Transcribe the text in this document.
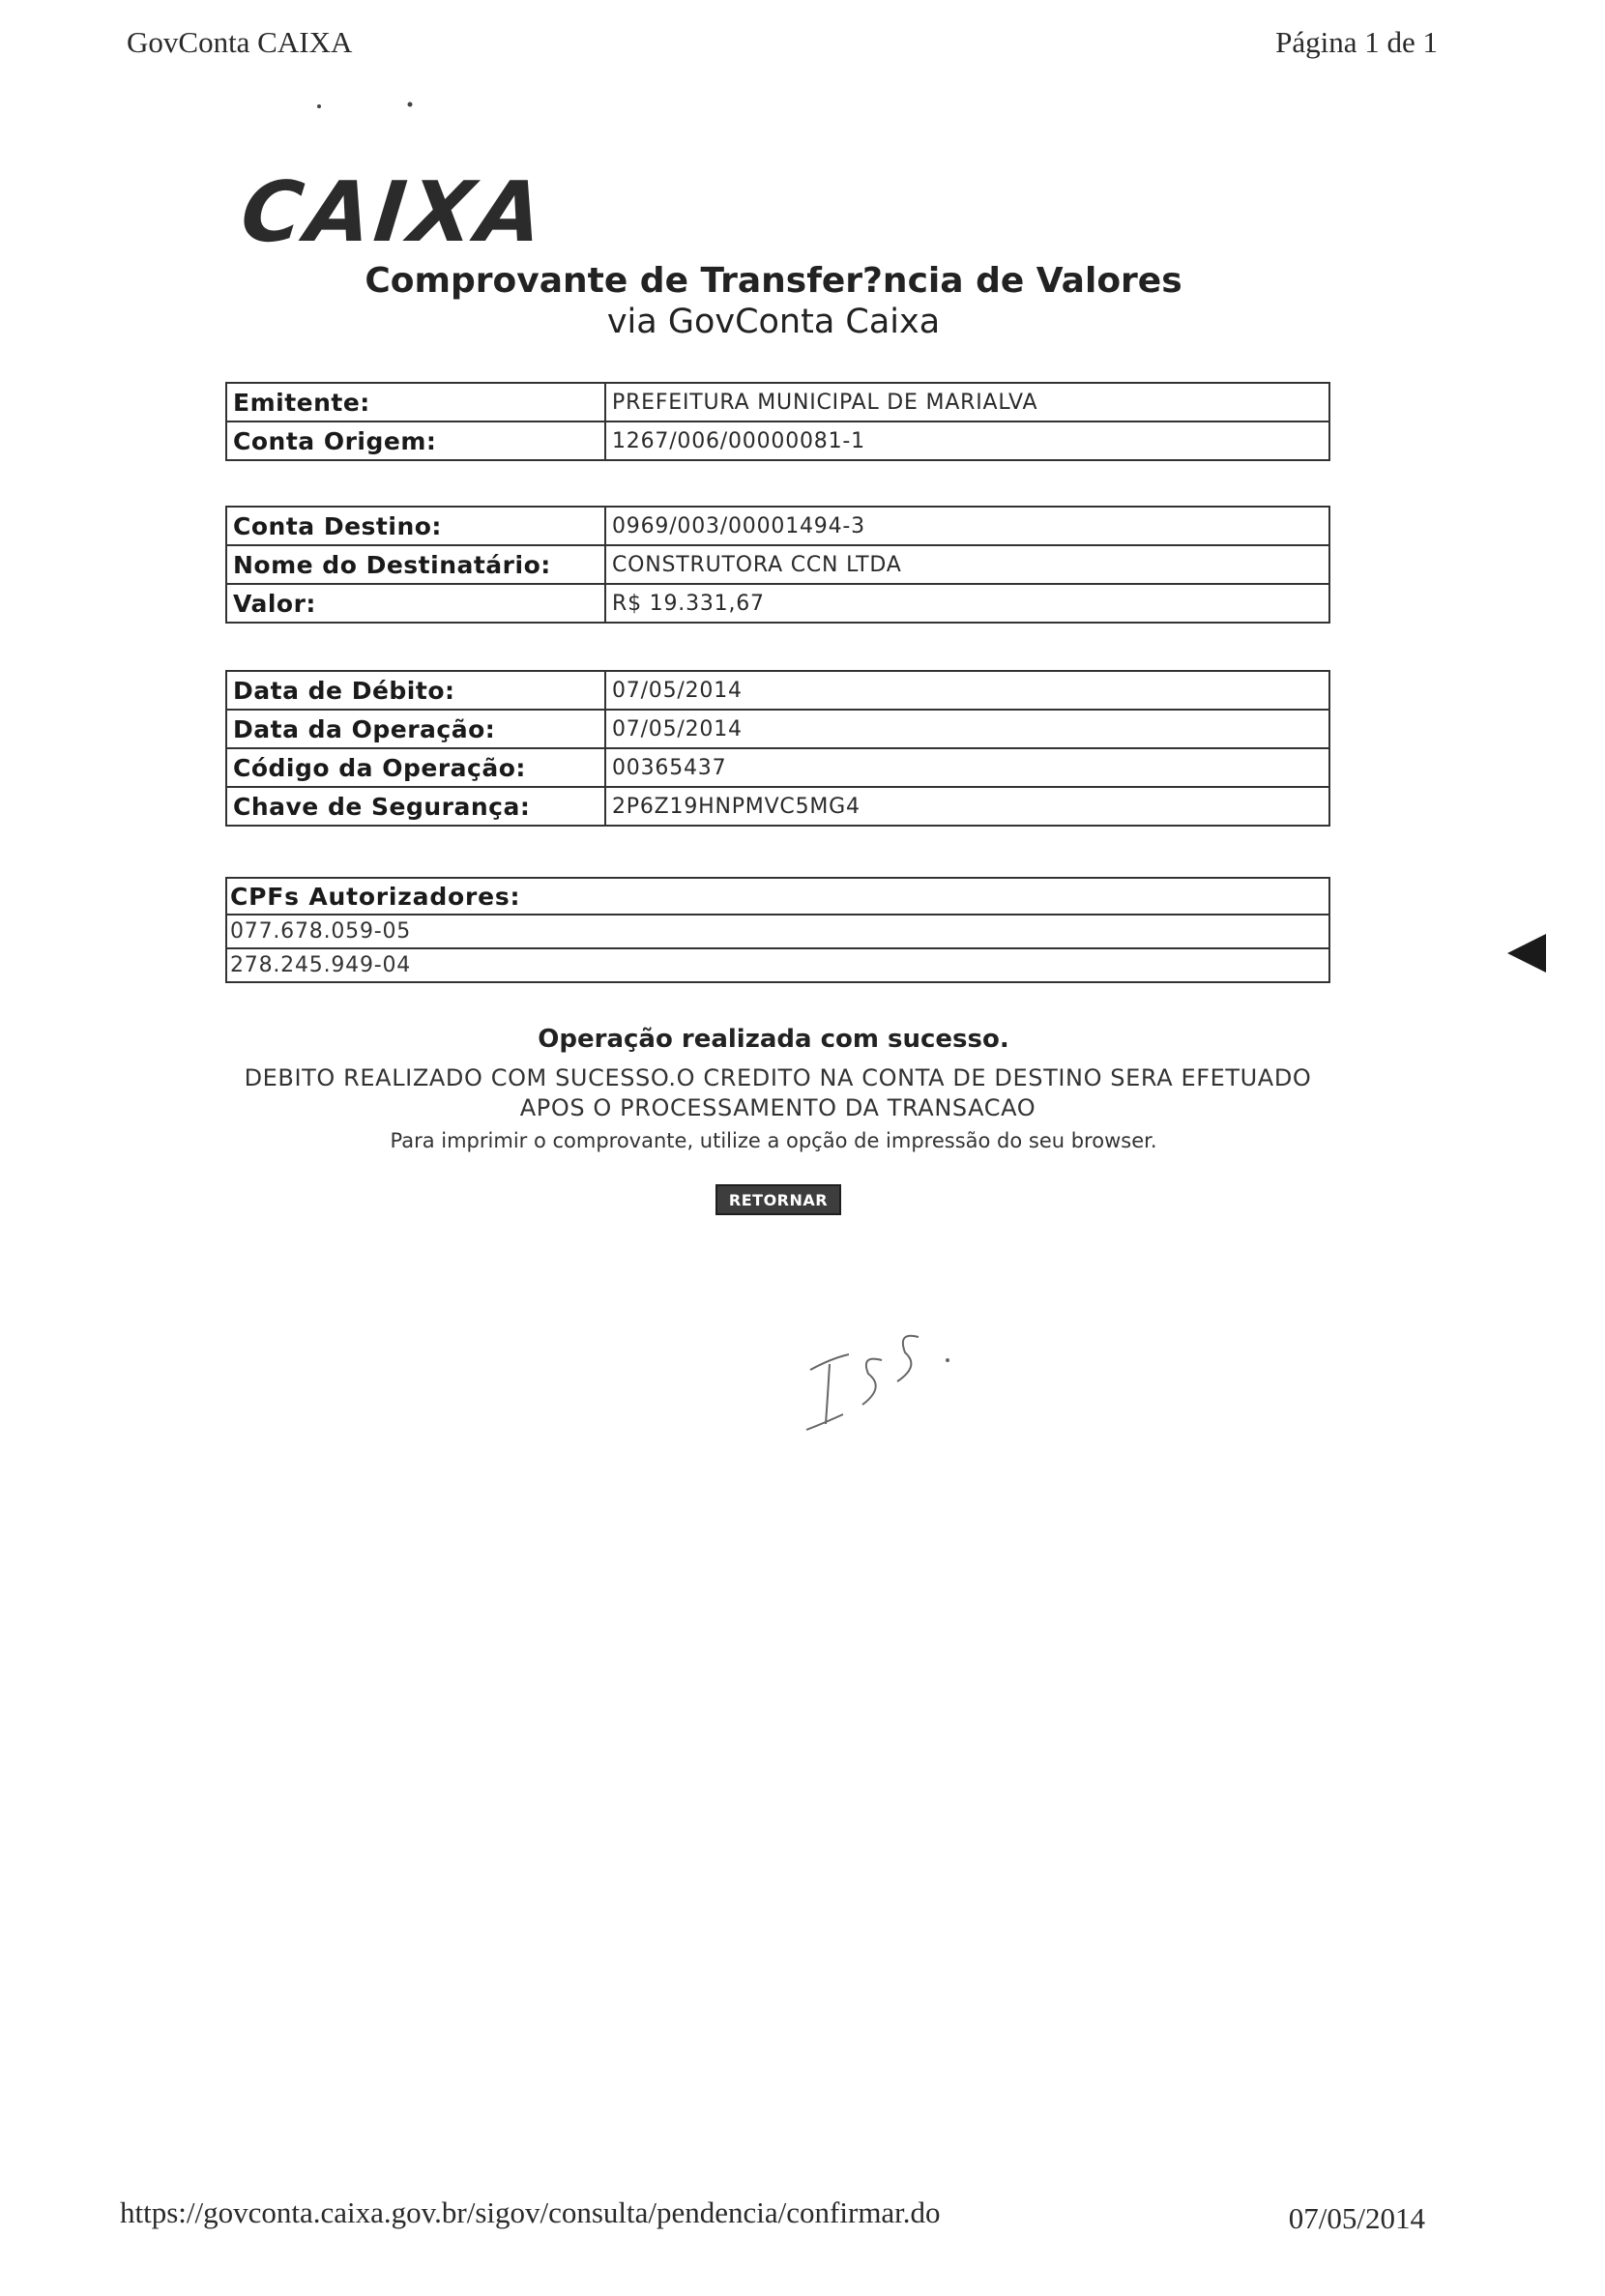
GovConta CAIXA	Página 1 de 1
CAIXA
Comprovante de Transfer?ncia de Valores
via GovConta Caixa
Emitente:	PREFEITURA MUNICIPAL DE MARIALVA
Conta Origem:	1267/006/00000081-1
Conta Destino:	0969/003/00001494-3
Nome do Destinatário:	CONSTRUTORA CCN LTDA
Valor:	R$ 19.331,67
Data de Débito:	07/05/2014
Data da Operação:	07/05/2014
Código da Operação:	00365437
Chave de Segurança:	2P6Z19HNPMVC5MG4
CPFs Autorizadores:
077.678.059-05
278.245.949-04
Operação realizada com sucesso.
DEBITO REALIZADO COM SUCESSO.O CREDITO NA CONTA DE DESTINO SERA EFETUADO
APOS O PROCESSAMENTO DA TRANSACAO
Para imprimir o comprovante, utilize a opção de impressão do seu browser.
RETORNAR
https://govconta.caixa.gov.br/sigov/consulta/pendencia/confirmar.do	07/05/2014
